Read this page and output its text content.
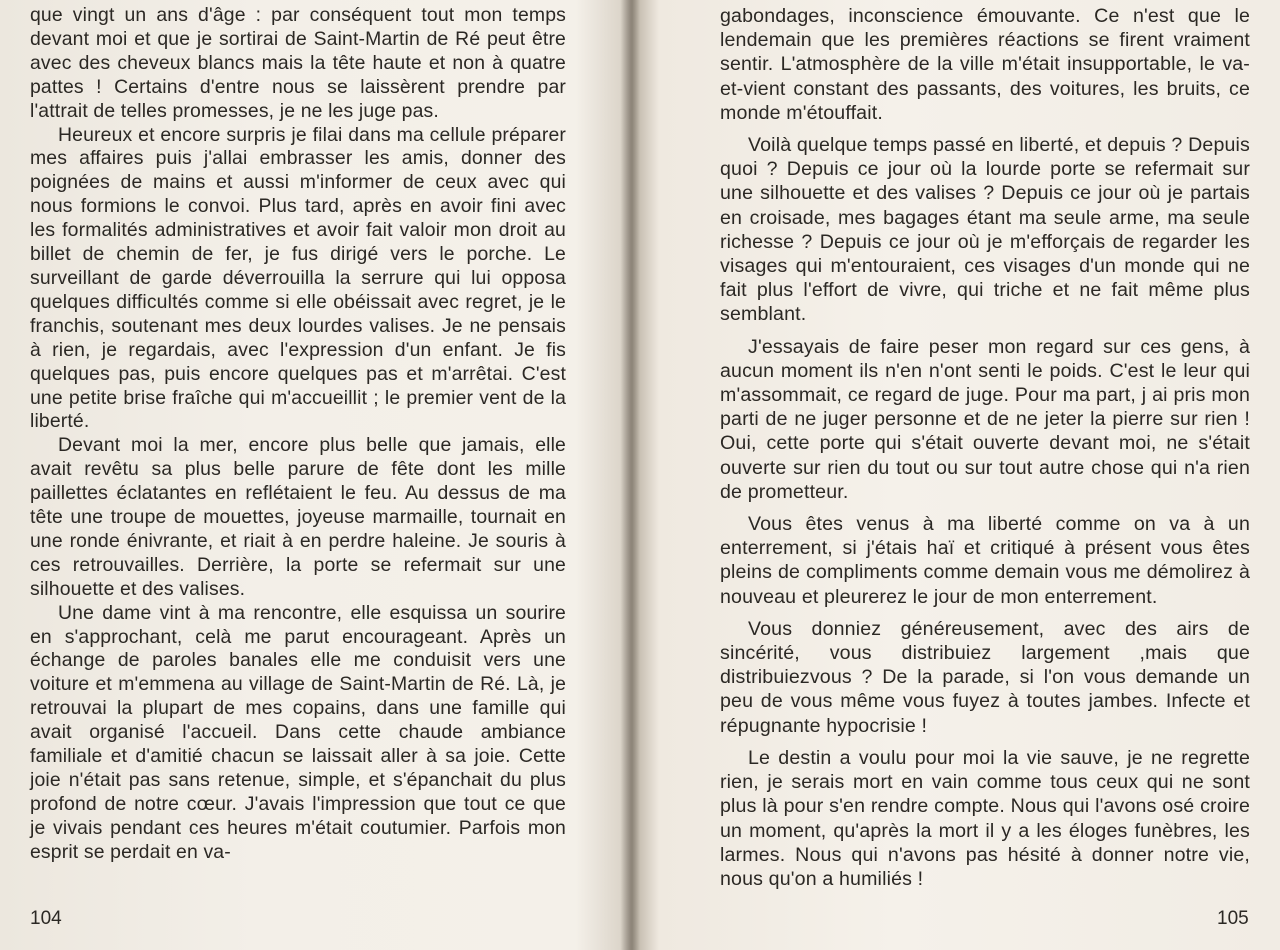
que vingt un ans d'âge : par conséquent tout mon temps devant moi et que je sortirai de Saint-Martin de Ré peut être avec des cheveux blancs mais la tête haute et non à quatre pattes ! Certains d'entre nous se laissèrent prendre par l'attrait de telles promesses, je ne les juge pas.

Heureux et encore surpris je filai dans ma cellule préparer mes affaires puis j'allai embrasser les amis, donner des poignées de mains et aussi m'informer de ceux avec qui nous formions le convoi. Plus tard, après en avoir fini avec les formalités administratives et avoir fait valoir mon droit au billet de chemin de fer, je fus dirigé vers le porche. Le surveillant de garde déverrouilla la serrure qui lui opposa quelques difficultés comme si elle obéissait avec regret, je le franchis, soutenant mes deux lourdes valises. Je ne pensais à rien, je regardais, avec l'expression d'un enfant. Je fis quelques pas, puis encore quelques pas et m'arrêtai. C'est une petite brise fraîche qui m'accueillit ; le premier vent de la liberté.

Devant moi la mer, encore plus belle que jamais, elle avait revêtu sa plus belle parure de fête dont les mille paillettes éclatantes en reflétaient le feu. Au dessus de ma tête une troupe de mouettes, joyeuse marmaille, tournait en une ronde énivrante, et riait à en perdre haleine. Je souris à ces retrouvailles. Derrière, la porte se refermait sur une silhouette et des valises.

Une dame vint à ma rencontre, elle esquissa un sourire en s'approchant, celà me parut encourageant. Après un échange de paroles banales elle me conduisit vers une voiture et m'emmena au village de Saint-Martin de Ré. Là, je retrouvai la plupart de mes copains, dans une famille qui avait organisé l'accueil. Dans cette chaude ambiance familiale et d'amitié chacun se laissait aller à sa joie. Cette joie n'était pas sans retenue, simple, et s'épanchait du plus profond de notre cœur. J'avais l'impression que tout ce que je vivais pendant ces heures m'était coutumier. Parfois mon esprit se perdait en va-

104

gabondages, inconscience émouvante. Ce n'est que le lendemain que les premières réactions se firent vraiment sentir. L'atmosphère de la ville m'était insupportable, le va-et-vient constant des passants, des voitures, les bruits, ce monde m'étouffait.

Voilà quelque temps passé en liberté, et depuis ? Depuis quoi ? Depuis ce jour où la lourde porte se refermait sur une silhouette et des valises ? Depuis ce jour où je partais en croisade, mes bagages étant ma seule arme, ma seule richesse ? Depuis ce jour où je m'efforçais de regarder les visages qui m'entouraient, ces visages d'un monde qui ne fait plus l'effort de vivre, qui triche et ne fait même plus semblant.

J'essayais de faire peser mon regard sur ces gens, à aucun moment ils n'en n'ont senti le poids. C'est le leur qui m'assommait, ce regard de juge. Pour ma part, j ai pris mon parti de ne juger personne et de ne jeter la pierre sur rien ! Oui, cette porte qui s'était ouverte devant moi, ne s'était ouverte sur rien du tout ou sur tout autre chose qui n'a rien de prometteur.

Vous êtes venus à ma liberté comme on va à un enterrement, si j'étais haï et critiqué à présent vous êtes pleins de compliments comme demain vous me démolirez à nouveau et pleurerez le jour de mon enterrement.

Vous donniez généreusement, avec des airs de sincérité, vous distribuiez largement ,mais que distribuiezvous ? De la parade, si l'on vous demande un peu de vous même vous fuyez à toutes jambes. Infecte et répugnante hypocrisie !

Le destin a voulu pour moi la vie sauve, je ne regrette rien, je serais mort en vain comme tous ceux qui ne sont plus là pour s'en rendre compte. Nous qui l'avons osé croire un moment, qu'après la mort il y a les éloges funèbres, les larmes. Nous qui n'avons pas hésité à donner notre vie, nous qu'on a humiliés !

105
